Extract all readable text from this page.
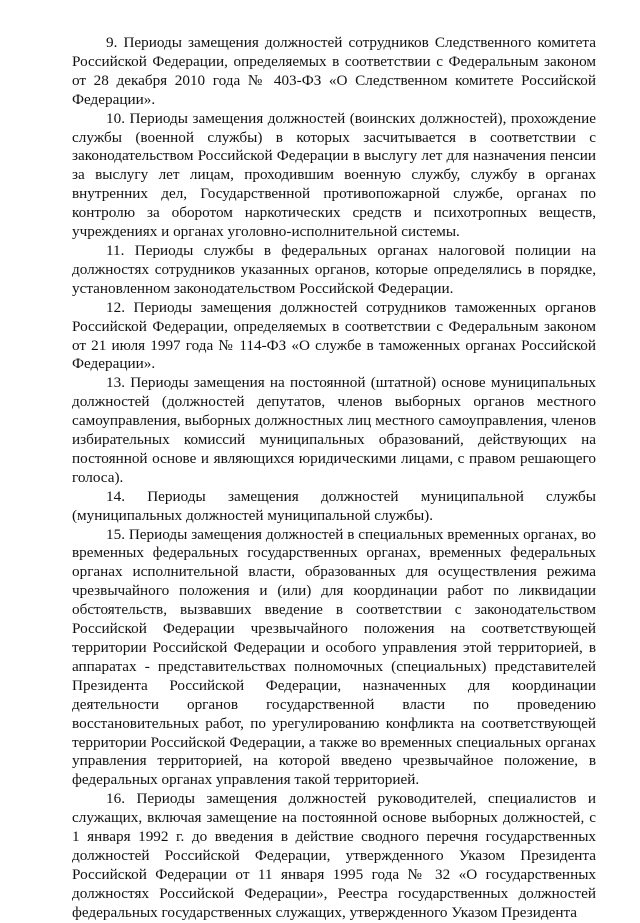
9. Периоды замещения должностей сотрудников Следственного комитета Российской Федерации, определяемых в соответствии с Федеральным законом от 28 декабря 2010 года № 403-ФЗ «О Следственном комитете Российской Федерации».

10. Периоды замещения должностей (воинских должностей), прохождение службы (военной службы) в которых засчитывается в соответствии с законодательством Российской Федерации в выслугу лет для назначения пенсии за выслугу лет лицам, проходившим военную службу, службу в органах внутренних дел, Государственной противопожарной службе, органах по контролю за оборотом наркотических средств и психотропных веществ, учреждениях и органах уголовно-исполнительной системы.

11. Периоды службы в федеральных органах налоговой полиции на должностях сотрудников указанных органов, которые определялись в порядке, установленном законодательством Российской Федерации.

12. Периоды замещения должностей сотрудников таможенных органов Российской Федерации, определяемых в соответствии с Федеральным законом от 21 июля 1997 года № 114-ФЗ «О службе в таможенных органах Российской Федерации».

13. Периоды замещения на постоянной (штатной) основе муниципальных должностей (должностей депутатов, членов выборных органов местного самоуправления, выборных должностных лиц местного самоуправления, членов избирательных комиссий муниципальных образований, действующих на постоянной основе и являющихся юридическими лицами, с правом решающего голоса).

14. Периоды замещения должностей муниципальной службы (муниципальных должностей муниципальной службы).

15. Периоды замещения должностей в специальных временных органах, во временных федеральных государственных органах, временных федеральных органах исполнительной власти, образованных для осуществления режима чрезвычайного положения и (или) для координации работ по ликвидации обстоятельств, вызвавших введение в соответствии с законодательством Российской Федерации чрезвычайного положения на соответствующей территории Российской Федерации и особого управления этой территорией, в аппаратах - представительствах полномочных (специальных) представителей Президента Российской Федерации, назначенных для координации деятельности органов государственной власти по проведению восстановительных работ, по урегулированию конфликта на соответствующей территории Российской Федерации, а также во временных специальных органах управления территорией, на которой введено чрезвычайное положение, в федеральных органах управления такой территорией.

16. Периоды замещения должностей руководителей, специалистов и служащих, включая замещение на постоянной основе выборных должностей, с 1 января 1992 г. до введения в действие сводного перечня государственных должностей Российской Федерации, утвержденного Указом Президента Российской Федерации от 11 января 1995 года № 32 «О государственных должностях Российской Федерации», Реестра государственных должностей федеральных государственных служащих, утвержденного Указом Президента
